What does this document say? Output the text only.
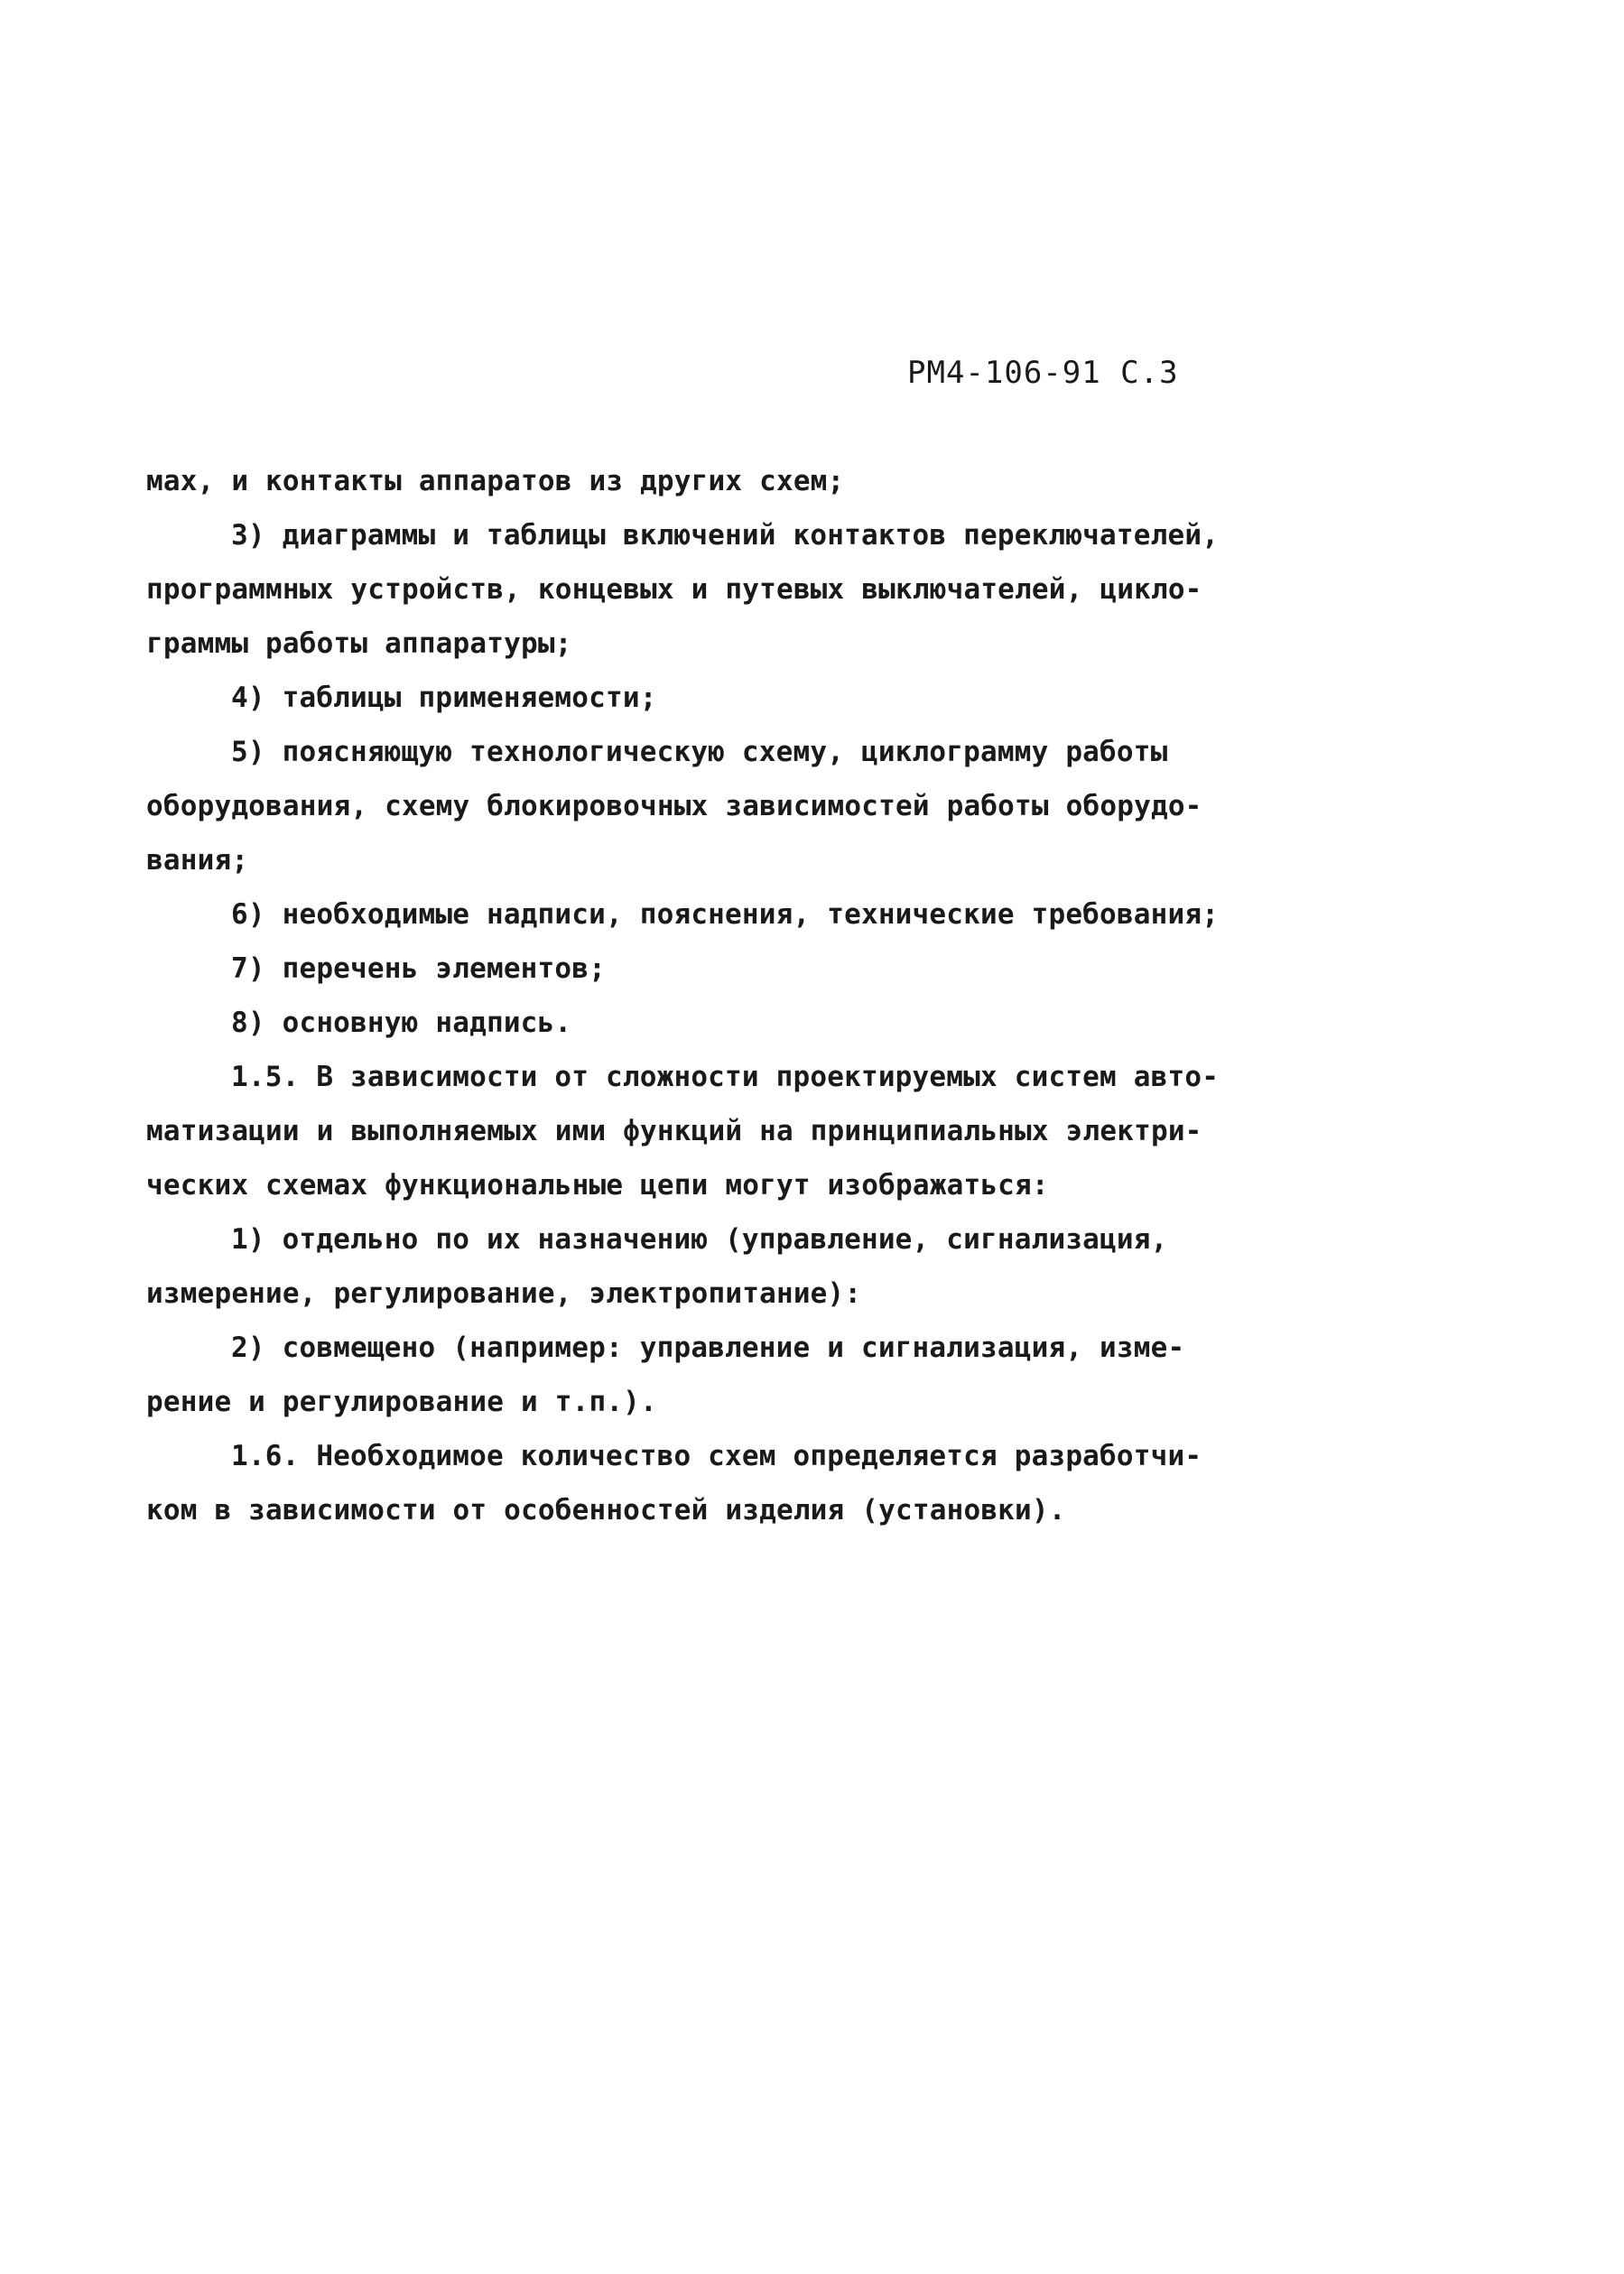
РМ4-106-91 С.3
мах, и контакты аппаратов из других схем;
3) диаграммы и таблицы включений контактов переключателей,
программных устройств, концевых и путевых выключателей, цикло-
граммы работы аппаратуры;
4) таблицы применяемости;
5) поясняющую технологическую схему, циклограмму работы
оборудования, схему блокировочных зависимостей работы оборудо-
вания;
6) необходимые надписи, пояснения, технические требования;
7) перечень элементов;
8) основную надпись.
1.5. В зависимости от сложности проектируемых систем авто-
матизации и выполняемых ими функций на принципиальных электри-
ческих схемах функциональные цепи могут изображаться:
1) отдельно по их назначению (управление, сигнализация,
измерение, регулирование, электропитание):
2) совмещено (например: управление и сигнализация, изме-
рение и регулирование и т.п.).
1.6. Необходимое количество схем определяется разработчи-
ком в зависимости от особенностей изделия (установки).
